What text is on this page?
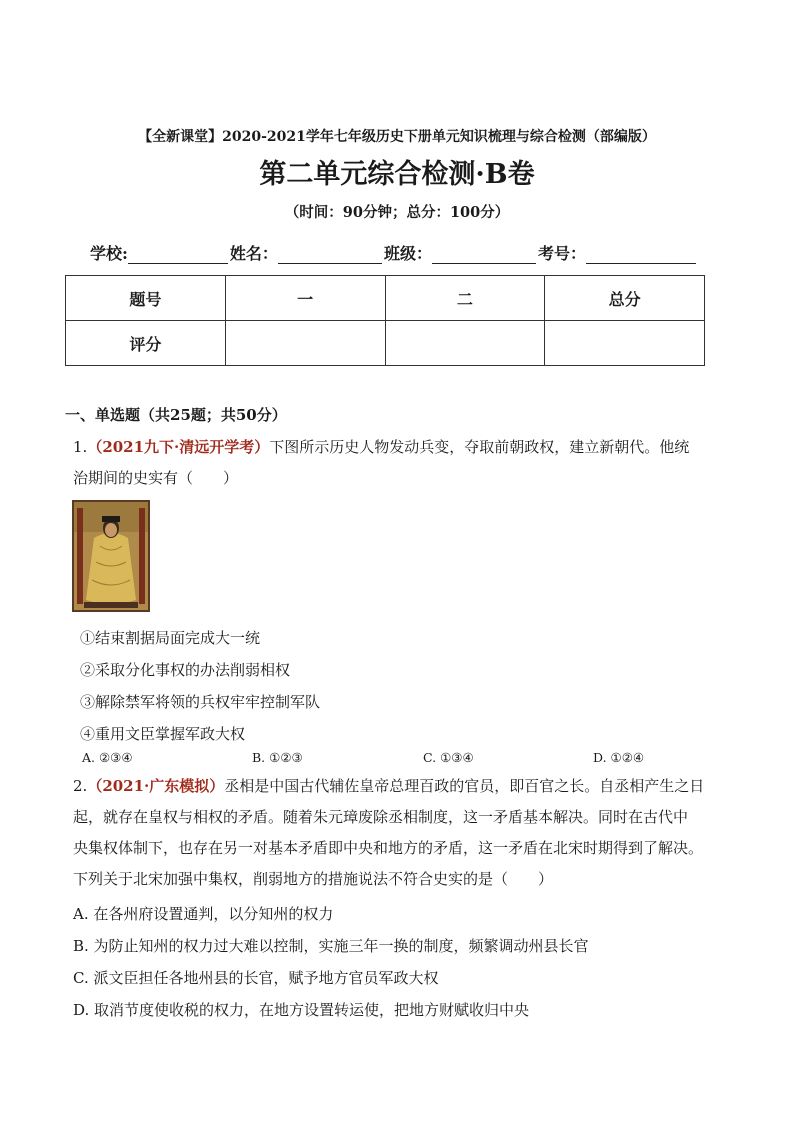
【全新课堂】2020-2021学年七年级历史下册单元知识梳理与综合检测（部编版）
第二单元综合检测·B卷
（时间：90分钟；总分：100分）
学校:	姓名：	班级：	考号：
题号	一	二	总分
评分			
一、单选题（共25题；共50分）
1.（2021九下·清远开学考）下图所示历史人物发动兵变，夺取前朝政权，建立新朝代。他统
治期间的史实有（　　）
①结束割据局面完成大一统
②采取分化事权的办法削弱相权
③解除禁军将领的兵权牢牢控制军队
④重用文臣掌握军政大权
A. ②③④	B. ①②③	C. ①③④	D. ①②④
2.（2021·广东模拟）丞相是中国古代辅佐皇帝总理百政的官员，即百官之长。自丞相产生之日
起，就存在皇权与相权的矛盾。随着朱元璋废除丞相制度，这一矛盾基本解决。同时在古代中
央集权体制下，也存在另一对基本矛盾即中央和地方的矛盾，这一矛盾在北宋时期得到了解决。
下列关于北宋加强中集权，削弱地方的措施说法不符合史实的是（　　）
A. 在各州府设置通判，以分知州的权力
B. 为防止知州的权力过大难以控制，实施三年一换的制度，频繁调动州县长官
C. 派文臣担任各地州县的长官，赋予地方官员军政大权
D. 取消节度使收税的权力，在地方设置转运使，把地方财赋收归中央
